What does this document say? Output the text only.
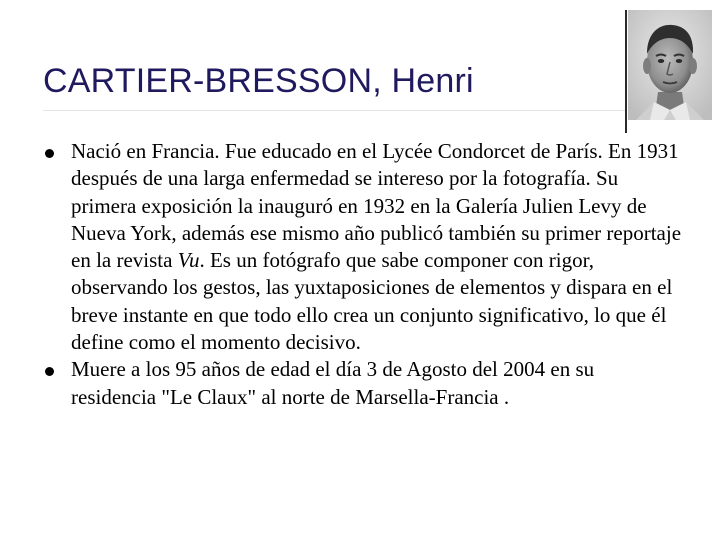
CARTIER-BRESSON, Henri
Nació en Francia. Fue educado en el Lycée Condorcet de París. En 1931 después de una larga enfermedad se intereso por la fotografía. Su primera exposición la inauguró en 1932 en la Galería Julien Levy de Nueva York, además ese mismo año publicó también su primer reportaje en la revista Vu. Es un fotógrafo que sabe componer con rigor, observando los gestos, las yuxtaposiciones de elementos y dispara en el breve instante en que todo ello crea un conjunto significativo, lo que él define como el momento decisivo.
Muere a los 95 años de edad el día 3 de Agosto del 2004 en su residencia "Le Claux" al norte de Marsella-Francia .
